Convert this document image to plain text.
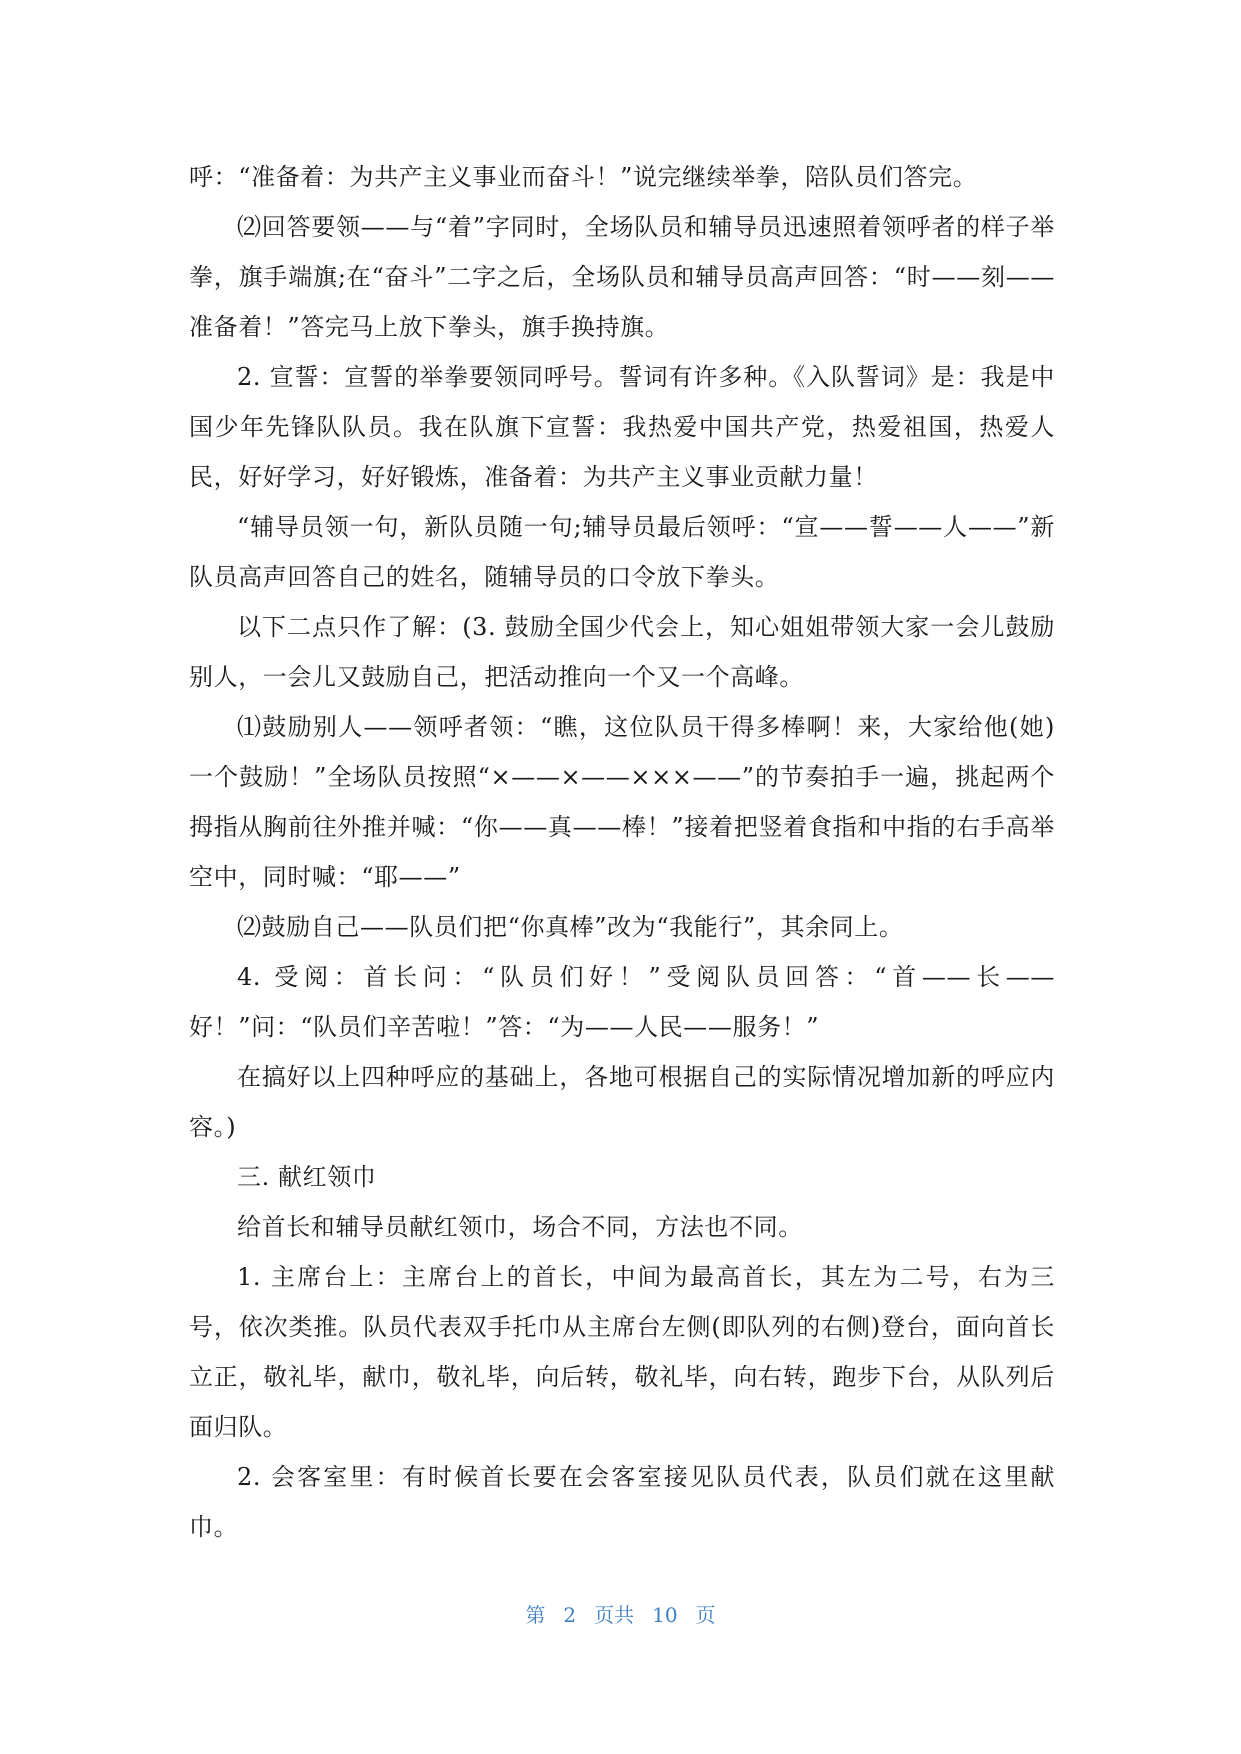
呼：“准备着：为共产主义事业而奋斗！”说完继续举拳，陪队员们答完。

⑵回答要领——与“着”字同时，全场队员和辅导员迅速照着领呼者的样子举拳，旗手端旗;在“奋斗”二字之后，全场队员和辅导员高声回答：“时——刻——准备着！”答完马上放下拳头，旗手换持旗。

2. 宣誓：宣誓的举拳要领同呼号。誓词有许多种。《入队誓词》是：我是中国少年先锋队队员。我在队旗下宣誓：我热爱中国共产党，热爱祖国，热爱人民，好好学习，好好锻炼，准备着：为共产主义事业贡献力量！

“辅导员领一句，新队员随一句;辅导员最后领呼：“宣——誓——人——”新队员高声回答自己的姓名，随辅导员的口令放下拳头。

以下二点只作了解：(3. 鼓励全国少代会上，知心姐姐带领大家一会儿鼓励别人，一会儿又鼓励自己，把活动推向一个又一个高峰。

⑴鼓励别人——领呼者领：“瞧，这位队员干得多棒啊！来，大家给他(她)一个鼓励！”全场队员按照“×——×——×××——”的节奏拍手一遍，挑起两个拇指从胸前往外推并喊：“你——真——棒！”接着把竖着食指和中指的右手高举空中，同时喊：“耶——”

⑵鼓励自己——队员们把“你真棒”改为“我能行”，其余同上。

4. 受阅：首长问：“队员们好！”受阅队员回答：“首——长——好！”问：“队员们辛苦啦！”答：“为——人民——服务！”

在搞好以上四种呼应的基础上，各地可根据自己的实际情况增加新的呼应内容。)

三. 献红领巾

给首长和辅导员献红领巾，场合不同，方法也不同。

1. 主席台上：主席台上的首长，中间为最高首长，其左为二号，右为三号，依次类推。队员代表双手托巾从主席台左侧(即队列的右侧)登台，面向首长立正，敬礼毕，献巾，敬礼毕，向后转，敬礼毕，向右转，跑步下台，从队列后面归队。

2. 会客室里：有时候首长要在会客室接见队员代表，队员们就在这里献巾。

第 2 页共 10 页
